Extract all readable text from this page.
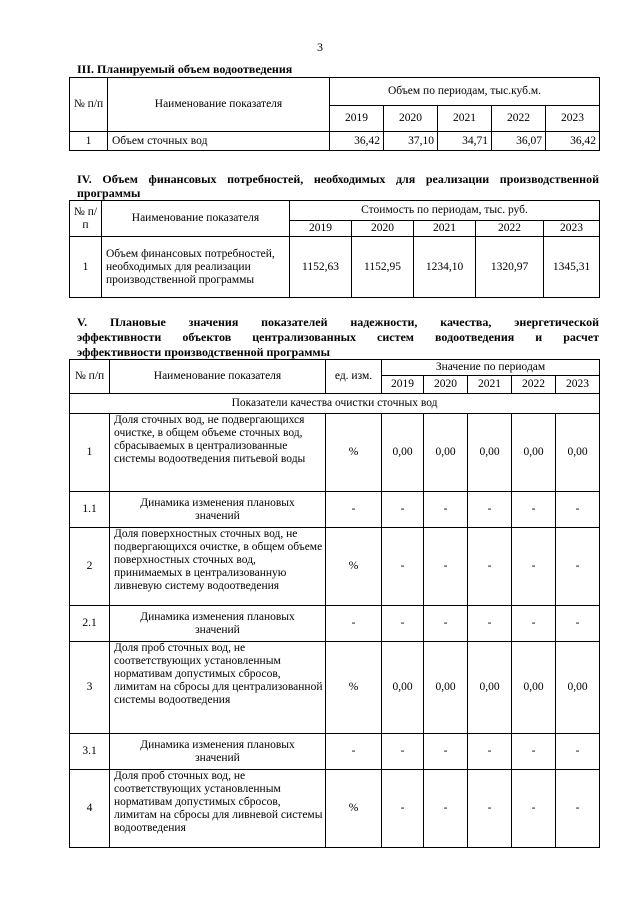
3
III. Планируемый объем водоотведения
№ п/п	Наименование показателя	Объем по периодам, тыс.куб.м.				
		2019	2020	2021	2022	2023
1	Объем сточных вод	36,42	37,10	34,71	36,07	36,42
IV. Объем финансовых потребностей, необходимых для реализации производственной
программы
№ п/п	Наименование показателя	Стоимость по периодам, тыс. руб.				
		2019	2020	2021	2022	2023
1	Объем финансовых потребностей, необходимых для реализации производственной программы	1152,63	1152,95	1234,10	1320,97	1345,31
V. Плановые значения показателей надежности, качества, энергетической
эффективности объектов централизованных систем водоотведения и расчет
эффективности производственной программы
№ п/п	Наименование показателя	ед. изм.	Значение по периодам				
			2019	2020	2021	2022	2023
Показатели качества очистки сточных вод							
1	Доля сточных вод, не подвергающихся очистке, в общем объеме сточных вод, сбрасываемых в централизованные системы водоотведения питьевой воды	%	0,00	0,00	0,00	0,00	0,00
1.1	Динамика изменения плановых значений	-	-	-	-	-	-
2	Доля поверхностных сточных вод, не подвергающихся очистке, в общем объеме поверхностных сточных вод, принимаемых в централизованную ливневую систему водоотведения	%	-	-	-	-	-
2.1	Динамика изменения плановых значений	-	-	-	-	-	-
3	Доля проб сточных вод, не соответствующих установленным нормативам допустимых сбросов, лимитам на сбросы для централизованной системы водоотведения	%	0,00	0,00	0,00	0,00	0,00
3.1	Динамика изменения плановых значений	-	-	-	-	-	-
4	Доля проб сточных вод, не соответствующих установленным нормативам допустимых сбросов, лимитам на сбросы для ливневой системы водоотведения	%	-	-	-	-	-
